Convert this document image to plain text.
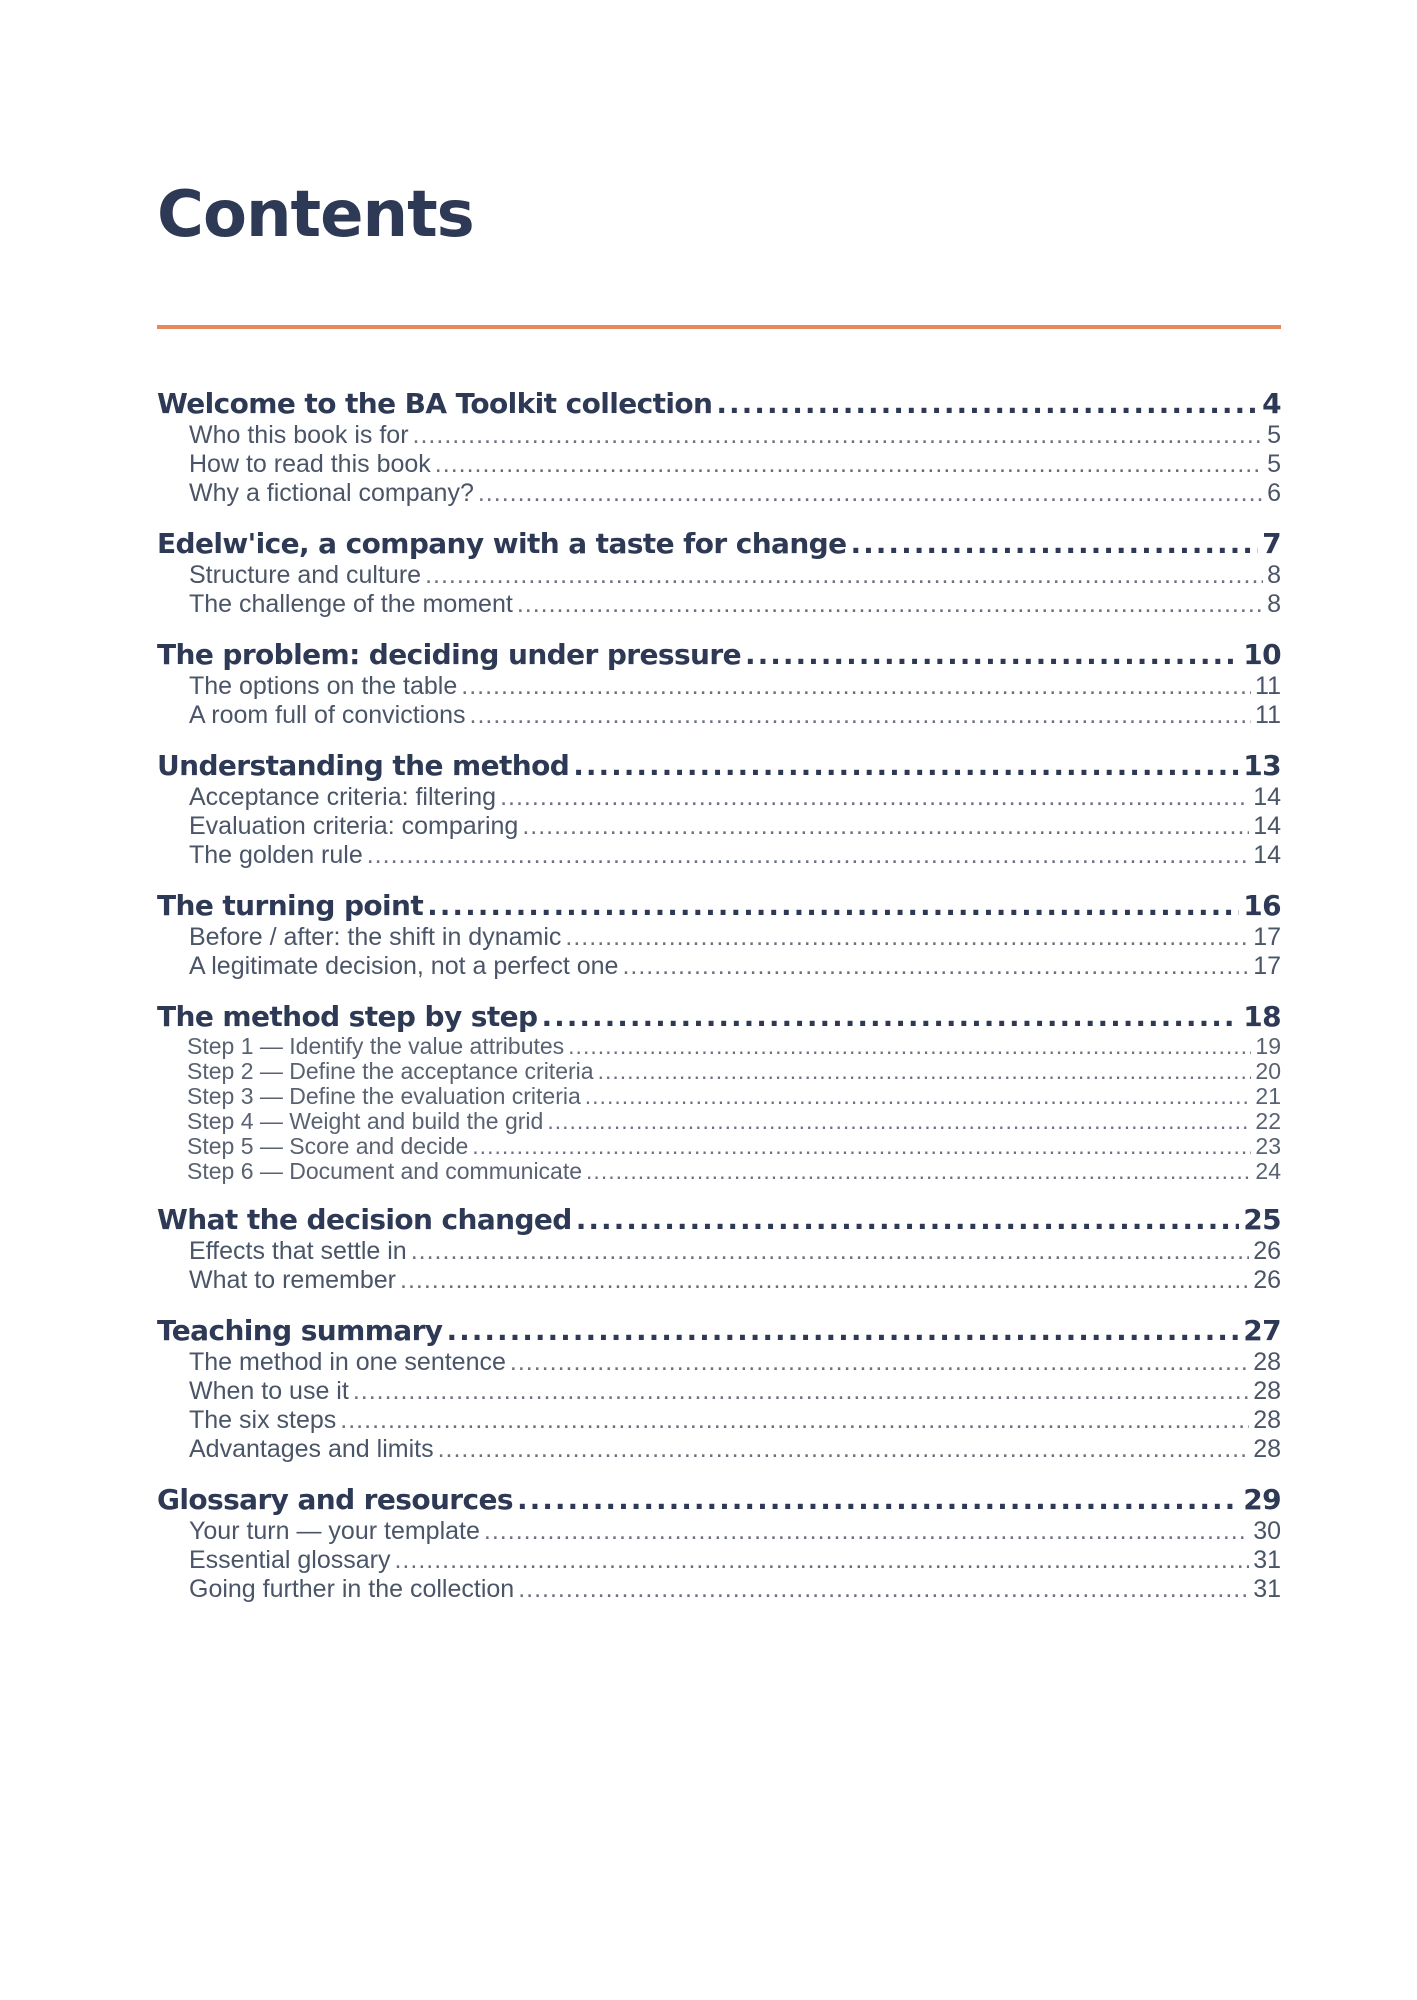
Contents
Welcome to the BA Toolkit collection .....	4
Who this book is for .....	5
How to read this book .....	5
Why a fictional company? .....	6
Edelw'ice, a company with a taste for change .....	7
Structure and culture .....	8
The challenge of the moment .....	8
The problem: deciding under pressure .....	10
The options on the table .....	11
A room full of convictions .....	11
Understanding the method .....	13
Acceptance criteria: filtering .....	14
Evaluation criteria: comparing .....	14
The golden rule .....	14
The turning point .....	16
Before / after: the shift in dynamic .....	17
A legitimate decision, not a perfect one .....	17
The method step by step .....	18
Step 1 — Identify the value attributes .....	19
Step 2 — Define the acceptance criteria .....	20
Step 3 — Define the evaluation criteria .....	21
Step 4 — Weight and build the grid .....	22
Step 5 — Score and decide .....	23
Step 6 — Document and communicate .....	24
What the decision changed .....	25
Effects that settle in .....	26
What to remember .....	26
Teaching summary .....	27
The method in one sentence .....	28
When to use it .....	28
The six steps .....	28
Advantages and limits .....	28
Glossary and resources .....	29
Your turn — your template .....	30
Essential glossary .....	31
Going further in the collection .....	31
